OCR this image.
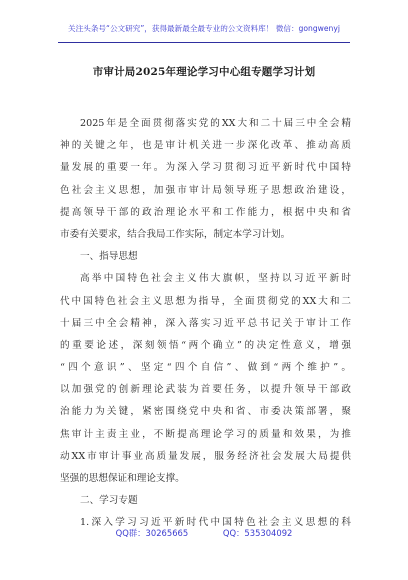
关注头条号“公文研究”，获得最新最全最专业的公文资料库！ 微信：gongwenyj
市审计局2025年理论学习中心组专题学习计划
2025年是全面贯彻落实党的XX大和二十届三中全会精
神的关键之年，也是审计机关进一步深化改革、推动高质
量发展的重要一年。为深入学习贯彻习近平新时代中国特
色社会主义思想，加强市审计局领导班子思想政治建设，
提高领导干部的政治理论水平和工作能力，根据中央和省
市委有关要求，结合我局工作实际，制定本学习计划。
一、指导思想
高举中国特色社会主义伟大旗帜，坚持以习近平新时
代中国特色社会主义思想为指导，全面贯彻党的XX大和二
十届三中全会精神，深入落实习近平总书记关于审计工作
的重要论述，深刻领悟“两个确立”的决定性意义，增强
“四个意识”、坚定“四个自信”、做到“两个维护”。
以加强党的创新理论武装为首要任务，以提升领导干部政
治能力为关键，紧密围绕党中央和省、市委决策部署，聚
焦审计主责主业，不断提高理论学习的质量和效果，为推
动XX市审计事业高质量发展，服务经济社会发展大局提供
坚强的思想保证和理论支撑。
二、学习专题
1.深入学习习近平新时代中国特色社会主义思想的科
QQ群：30265665	QQ：535304092
